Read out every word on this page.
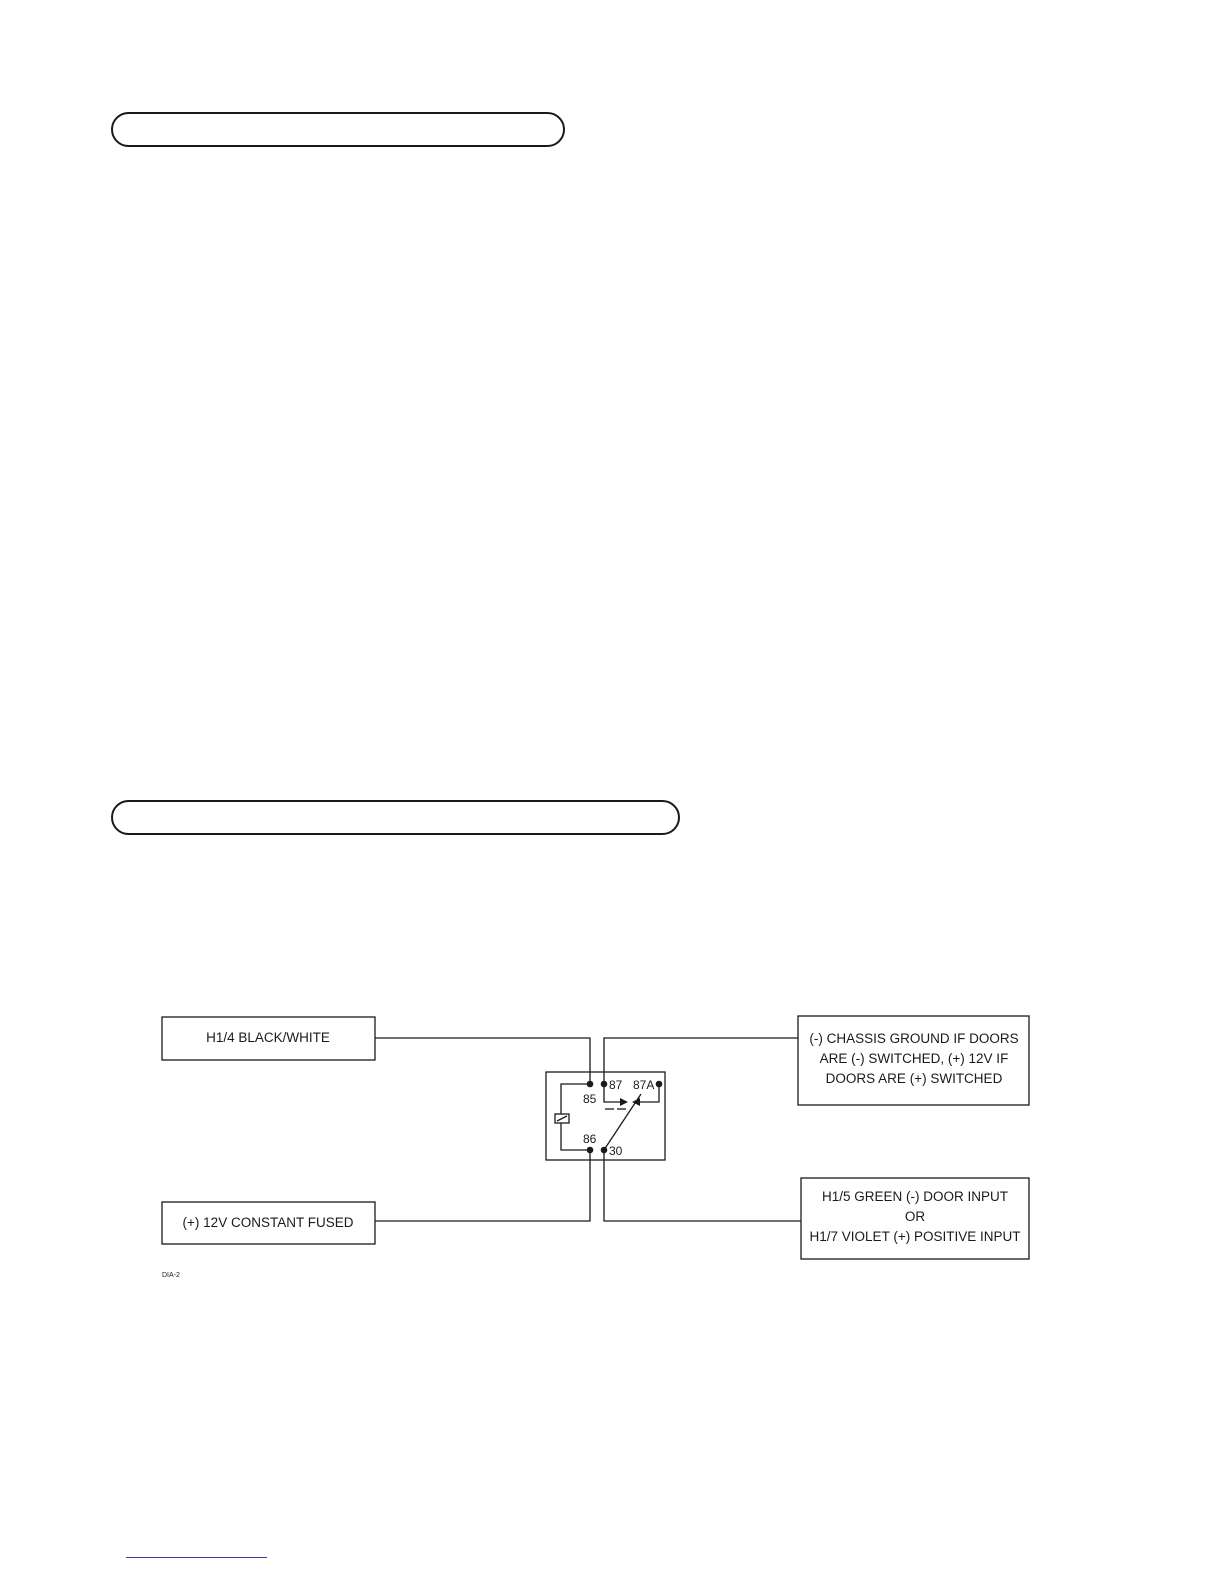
87 87A
85
86
30
H1/4 BLACK/WHITE
(+) 12V CONSTANT FUSED
(-) CHASSIS GROUND IF DOORS
ARE (-) SWITCHED, (+) 12V IF
DOORS ARE (+) SWITCHED
H1/5 GREEN (-) DOOR INPUT
OR
H1/7 VIOLET (+) POSITIVE INPUT
DIA-2
